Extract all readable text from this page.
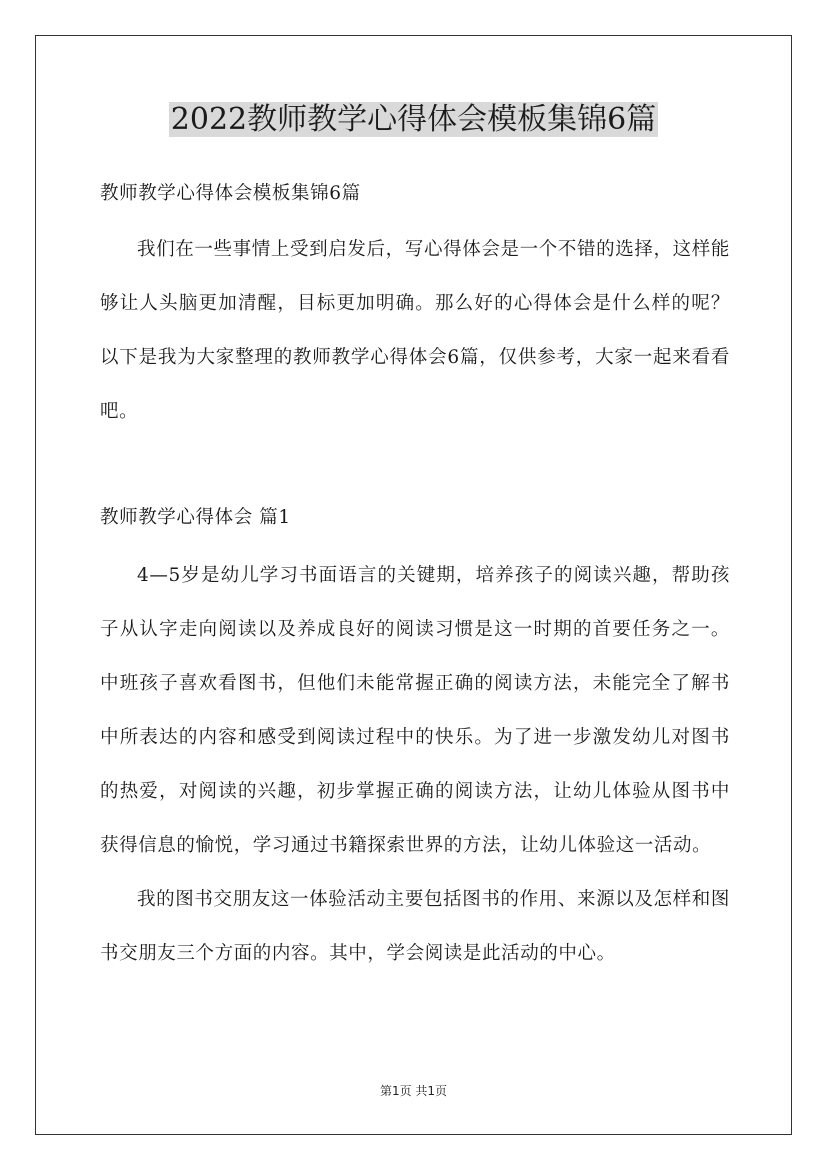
2022教师教学心得体会模板集锦6篇

教师教学心得体会模板集锦6篇

我们在一些事情上受到启发后，写心得体会是一个不错的选择，这样能够让人头脑更加清醒，目标更加明确。那么好的心得体会是什么样的呢？以下是我为大家整理的教师教学心得体会6篇，仅供参考，大家一起来看看吧。

教师教学心得体会 篇1

4—5岁是幼儿学习书面语言的关键期，培养孩子的阅读兴趣，帮助孩子从认字走向阅读以及养成良好的阅读习惯是这一时期的首要任务之一。中班孩子喜欢看图书，但他们未能常握正确的阅读方法，未能完全了解书中所表达的内容和感受到阅读过程中的快乐。为了进一步激发幼儿对图书的热爱，对阅读的兴趣，初步掌握正确的阅读方法，让幼儿体验从图书中获得信息的愉悦，学习通过书籍探索世界的方法，让幼儿体验这一活动。

我的图书交朋友这一体验活动主要包括图书的作用、来源以及怎样和图书交朋友三个方面的内容。其中，学会阅读是此活动的中心。

第1页 共1页
